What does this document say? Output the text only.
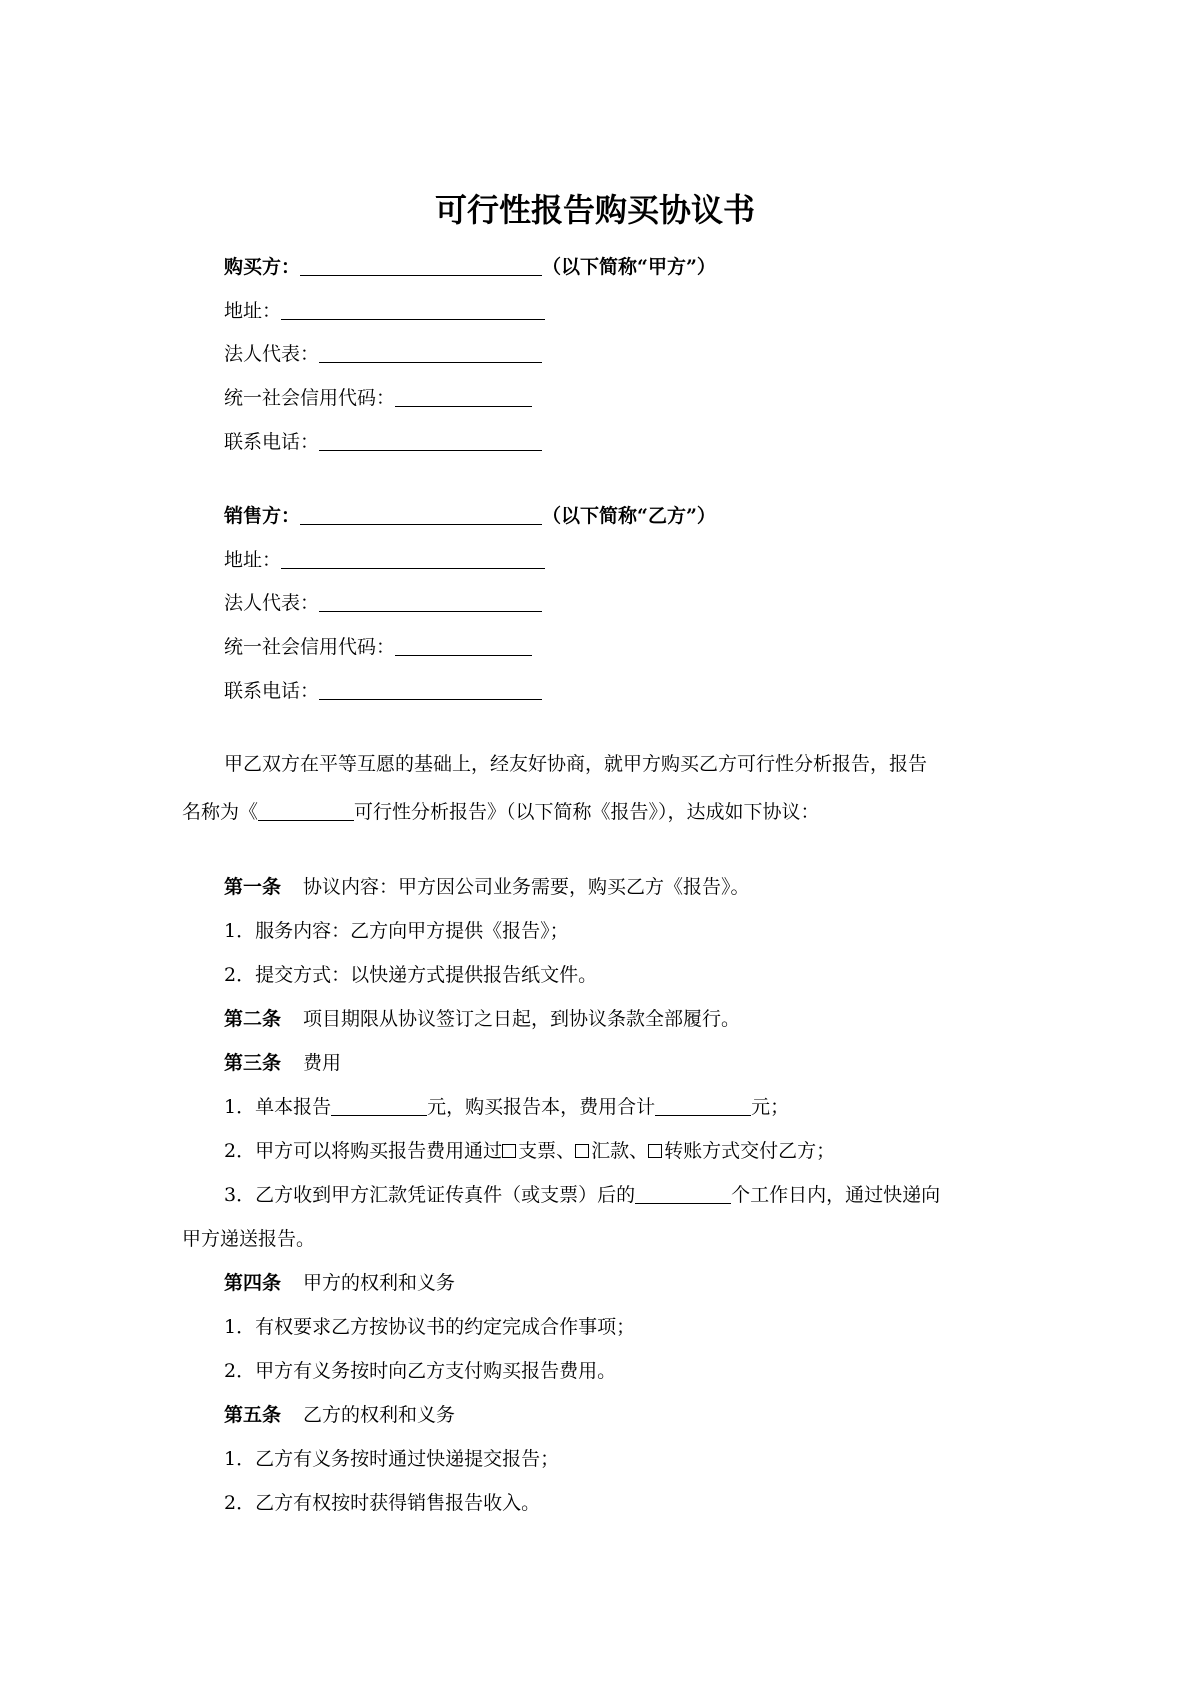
可行性报告购买协议书
购买方：	（以下简称“甲方”）
地址：
法人代表：
统一社会信用代码：
联系电话：
销售方：	（以下简称“乙方”）
地址：
法人代表：
统一社会信用代码：
联系电话：
甲乙双方在平等互愿的基础上，经友好协商，就甲方购买乙方可行性分析报告，报告
名称为《	可行性分析报告》（以下简称《报告》），达成如下协议：
第一条 协议内容：甲方因公司业务需要，购买乙方《报告》。
1．服务内容：乙方向甲方提供《报告》；
2．提交方式：以快递方式提供报告纸文件。
第二条 项目期限从协议签订之日起，到协议条款全部履行。
第三条 费用
1．单本报告	元，购买报告本，费用合计	元；
2．甲方可以将购买报告费用通过 支票、 汇款、 转账方式交付乙方；
3．乙方收到甲方汇款凭证传真件（或支票）后的	个工作日内，通过快递向
甲方递送报告。
第四条 甲方的权利和义务
1．有权要求乙方按协议书的约定完成合作事项；
2．甲方有义务按时向乙方支付购买报告费用。
第五条 乙方的权利和义务
1．乙方有义务按时通过快递提交报告；
2．乙方有权按时获得销售报告收入。
